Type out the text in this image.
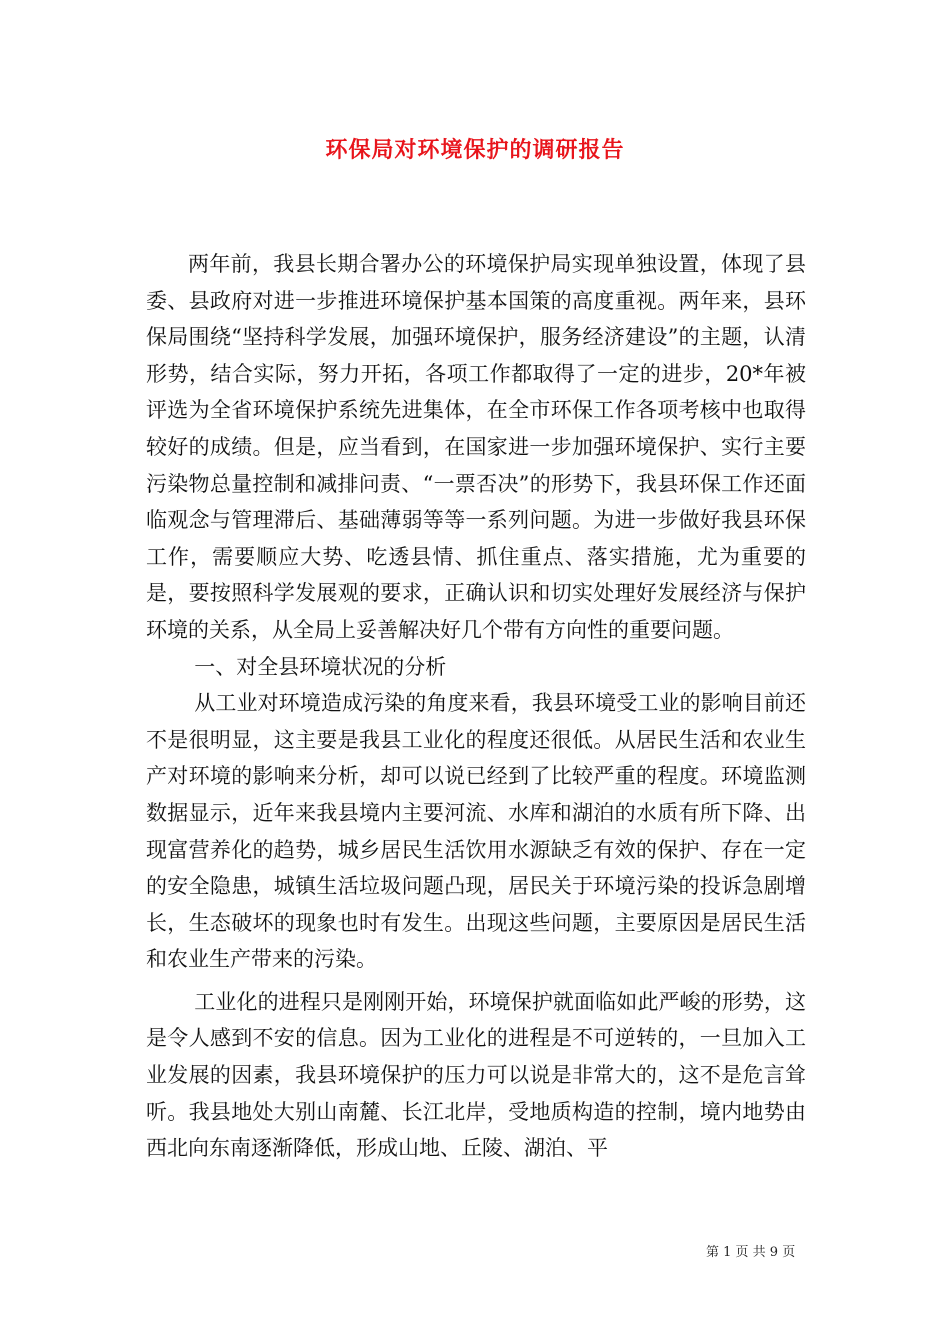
环保局对环境保护的调研报告

两年前，我县长期合署办公的环境保护局实现单独设置，体现了县委、县政府对进一步推进环境保护基本国策的高度重视。两年来，县环保局围绕“坚持科学发展，加强环境保护，服务经济建设”的主题，认清形势，结合实际，努力开拓，各项工作都取得了一定的进步，20*年被评选为全省环境保护系统先进集体，在全市环保工作各项考核中也取得较好的成绩。但是，应当看到，在国家进一步加强环境保护、实行主要污染物总量控制和减排问责、“一票否决”的形势下，我县环保工作还面临观念与管理滞后、基础薄弱等等一系列问题。为进一步做好我县环保工作，需要顺应大势、吃透县情、抓住重点、落实措施，尤为重要的是，要按照科学发展观的要求，正确认识和切实处理好发展经济与保护环境的关系，从全局上妥善解决好几个带有方向性的重要问题。

一、对全县环境状况的分析

从工业对环境造成污染的角度来看，我县环境受工业的影响目前还不是很明显，这主要是我县工业化的程度还很低。从居民生活和农业生产对环境的影响来分析，却可以说已经到了比较严重的程度。环境监测数据显示，近年来我县境内主要河流、水库和湖泊的水质有所下降、出现富营养化的趋势，城乡居民生活饮用水源缺乏有效的保护、存在一定的安全隐患，城镇生活垃圾问题凸现，居民关于环境污染的投诉急剧增长，生态破坏的现象也时有发生。出现这些问题，主要原因是居民生活和农业生产带来的污染。

工业化的进程只是刚刚开始，环境保护就面临如此严峻的形势，这是令人感到不安的信息。因为工业化的进程是不可逆转的，一旦加入工业发展的因素，我县环境保护的压力可以说是非常大的，这不是危言耸听。我县地处大别山南麓、长江北岸，受地质构造的控制，境内地势由西北向东南逐渐降低，形成山地、丘陵、湖泊、平

第 1 页 共 9 页
